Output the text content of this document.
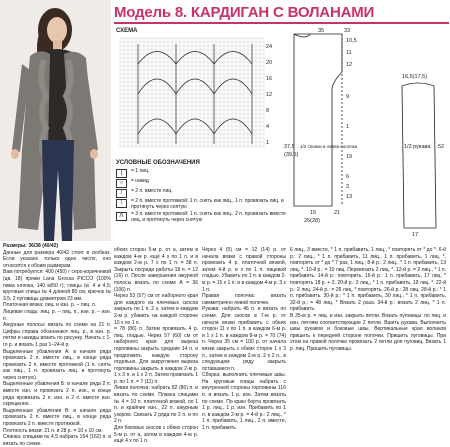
Модель 8. КАРДИГАН С ВОЛАНАМИ
СХЕМА
24
20
16
12
8
4
1
УСЛОВНЫЕ ОБОЗНАЧЕНИЯ
|	= 1 лиц.
○	= накид
/	= 2 п. вместе лиц.
\	= 2 п. вместе протяжкой: 1 п. снять как лиц., 1 п. провязать лиц. и протянуть через снятую
Λ	= 3 п. вместе протяжкой: 1 п. снять как лиц., 2 п. провязать вместе лиц. и протянуть через снятую
35	33
10,5
11
12
37,5
(39,5)
1/2 спинки и левая полочка
9
16,5(17,5)
1/2 рукава 52
17
1
19
6
3
13
15	21
26(28)

Размеры: 36/38 (40/42)

Данные для размера 40/42 стоят в скобках. Если указано только одно число, оно относится к обоим размерам.

Вам потребуется: 400 (450) г серо-коричневой (цв. 18) пряжи Lana Grossa PICCO (100% пима хлопка, 140 м/50 г); спицы № 4 и 4,5; круговые спицы № 4 длиной 80 см; крючок № 3,5; 2 пуговицы диаметром 23 мм.

Платочная вязка: лиц. и изн. р. – лиц. п.

Лицевая гладь: лиц. р. – лиц. п., изн. р. – изн. п.

Ажурные полосы: вязать по схеме на 21 п. Цифры справа обозначают лиц. р., в изн. р. петли и накиды вязать по рисунку. Начать с 1-го р. и вязать 1 раз 1–24-й р.

Выделенные убавления А: в начале ряда провязать 2 п. вместе лиц., в конце ряда провязать 2 п. вместе протяжкой (1 п. снять как лиц., 1 п. провязать лиц. и протянуть через снятую).

Выделенные убавления Б: в начале ряда 2 п. вместе изн. и провязать 2 п. изн., в конце ряда провязать 2 п. изн. и 2 п. вместе изн. скрещенно.

Выделенные убавления В: в начале ряда провязать 2 п. вместе лиц., в конце ряда провязать 2 п. вместе протяжкой.

Плотность вязки: 21 п. и 28 р. = 10 х 10 см.

Спинка: спицами № 4,5 набрать 154 (162) п. и вязать по схеме.

обоих сторон 5-м р. от а, затем в каждом 4-м р. ещё 4 х по 1 п. и в каждом 2-м р. 7 х по 1 п. = 38 п. Закрыть посреди работы 18 п. = 12 (16) п. После завершения ажурной полосы вязать по схеме А = 36 (106) п.

Через 53 (57) см от наборного края для каждого из плечевых скосов закрыть по 1 п. 2 х, затем в каждом 2-м р. убавить на каждой стороне 10 х по 1 п.

= 78 (86) п. Затем провязать 4 р. лиц. гладью. Через 57 (60) см от наборного края для выреза горловины закрыть средние 14 п. и продолжить каждую сторону отдельно. Для закругления выреза горловины закрыть в каждом 2-м р. 1 х 3 п. и 1 х 2 п. Затем провязать 1 р. по 1 п. = 7 (11) п.

Левая полочка: набрать 82 (86) п. и вязать по схеме. Планка спицами № 4 = 10 п. платочной вязкой, по 1 п. и крайние изн., 22 п. ажурным узором. Связать 2 ряда по 2 п. и по 2 п.

Для боковых скосов с обеих сторон 5-м р. от а, затем в каждом 4-м р. ещё 4 х по 1 п.

Через 4 (5) см = 12 (14) р. от начала вязки с правой стороны провязать 4 р. платочной вязкой, затем 4-й р. в х по 1 п. лицевой гладью. Убавить по 1 п. в каждом 2-м р. = 15 х 1 п. и в каждом 4-м р. 3 х 1 п.

Правая полочка: вязать симметрично левой полочке.

Рукава: набрать 46 п. и вязать по схеме. Для скосов в 7-м р. от начала вязки прибавить с обеих сторон 11 х по 1 п. в каждом 6-м р. и 1 х 1 п. в каждом 8-м р. = 70 (74) п. Через 35 см = 100 р. от начала вязки закрыть с обеих сторон 1 х 3 п., затем в каждом 2-м р. 2 х 2 п., в следующем ряду закрыть оставшиеся п.

Сборка: выполнить плечевые швы. На круговые спицы набрать с внутренней стороны горловины 116 п. и вязать 1 р. изн. Затем вязать по схеме. По краю борта провязать 1 р. лиц., 1 р. изн. Прибавить по 1 п. в каждом 2-м р. = 4-й р.: 2 лиц., * 1 п. прибавить, 1 лиц., 2 п. вместе, 1 п. прибавить

6 лиц., 3 вместе, * 1 п. прибавить, 1 лиц., * повторять от * до *. 6-й р.: 2 лиц., * 1 п. прибавить, 11 лиц., 1 п. прибавить, 1 лиц. *, повторять от * до * 7 раз, 1 лиц.; 8-й р.: 2 лиц., * 1 п. прибавить, 13 лиц. *. 10-й р.: = 10 лиц. Перевязать 2 лиц. *. 12-й р. = 2 лиц., * 1 п. прибавить. 14-й р.: повторить. 16-й р.: 1 п. прибавить, 17 лиц. * повторять 18 р. + 2. 20-й р.: 2 лиц., * 1 п. прибавить, 19 лиц. *. 22-й р.: 2 лиц. 24-й р.: = 26 лиц. * повторять. 26-й р.: 28 лиц. 28-й р.: * 1 п. прибавить. 30-й р.: * 1 п. прибавить, 30 лиц., * 1 п. прибавить. 32-й р.: = 48 лиц. * Вязать 2 раза. 34-й р.: вязать 2 лиц. * 1 п. прибавить.

В 35-м р. = лиц. и изн. закрыть петли. Вязать пуговицы: по лиц. и изн. петлям соответствующие 2 петли. Вшить рукава. Выполнить швы рукавов и боковые швы. Вертикальные края воланов пришить к передней стороне полочки. Пришить пуговицы. При этом на правой полочке провязать 2 петли для пуговиц. Вязать 1 р. лиц. Пришить пуговицы.
